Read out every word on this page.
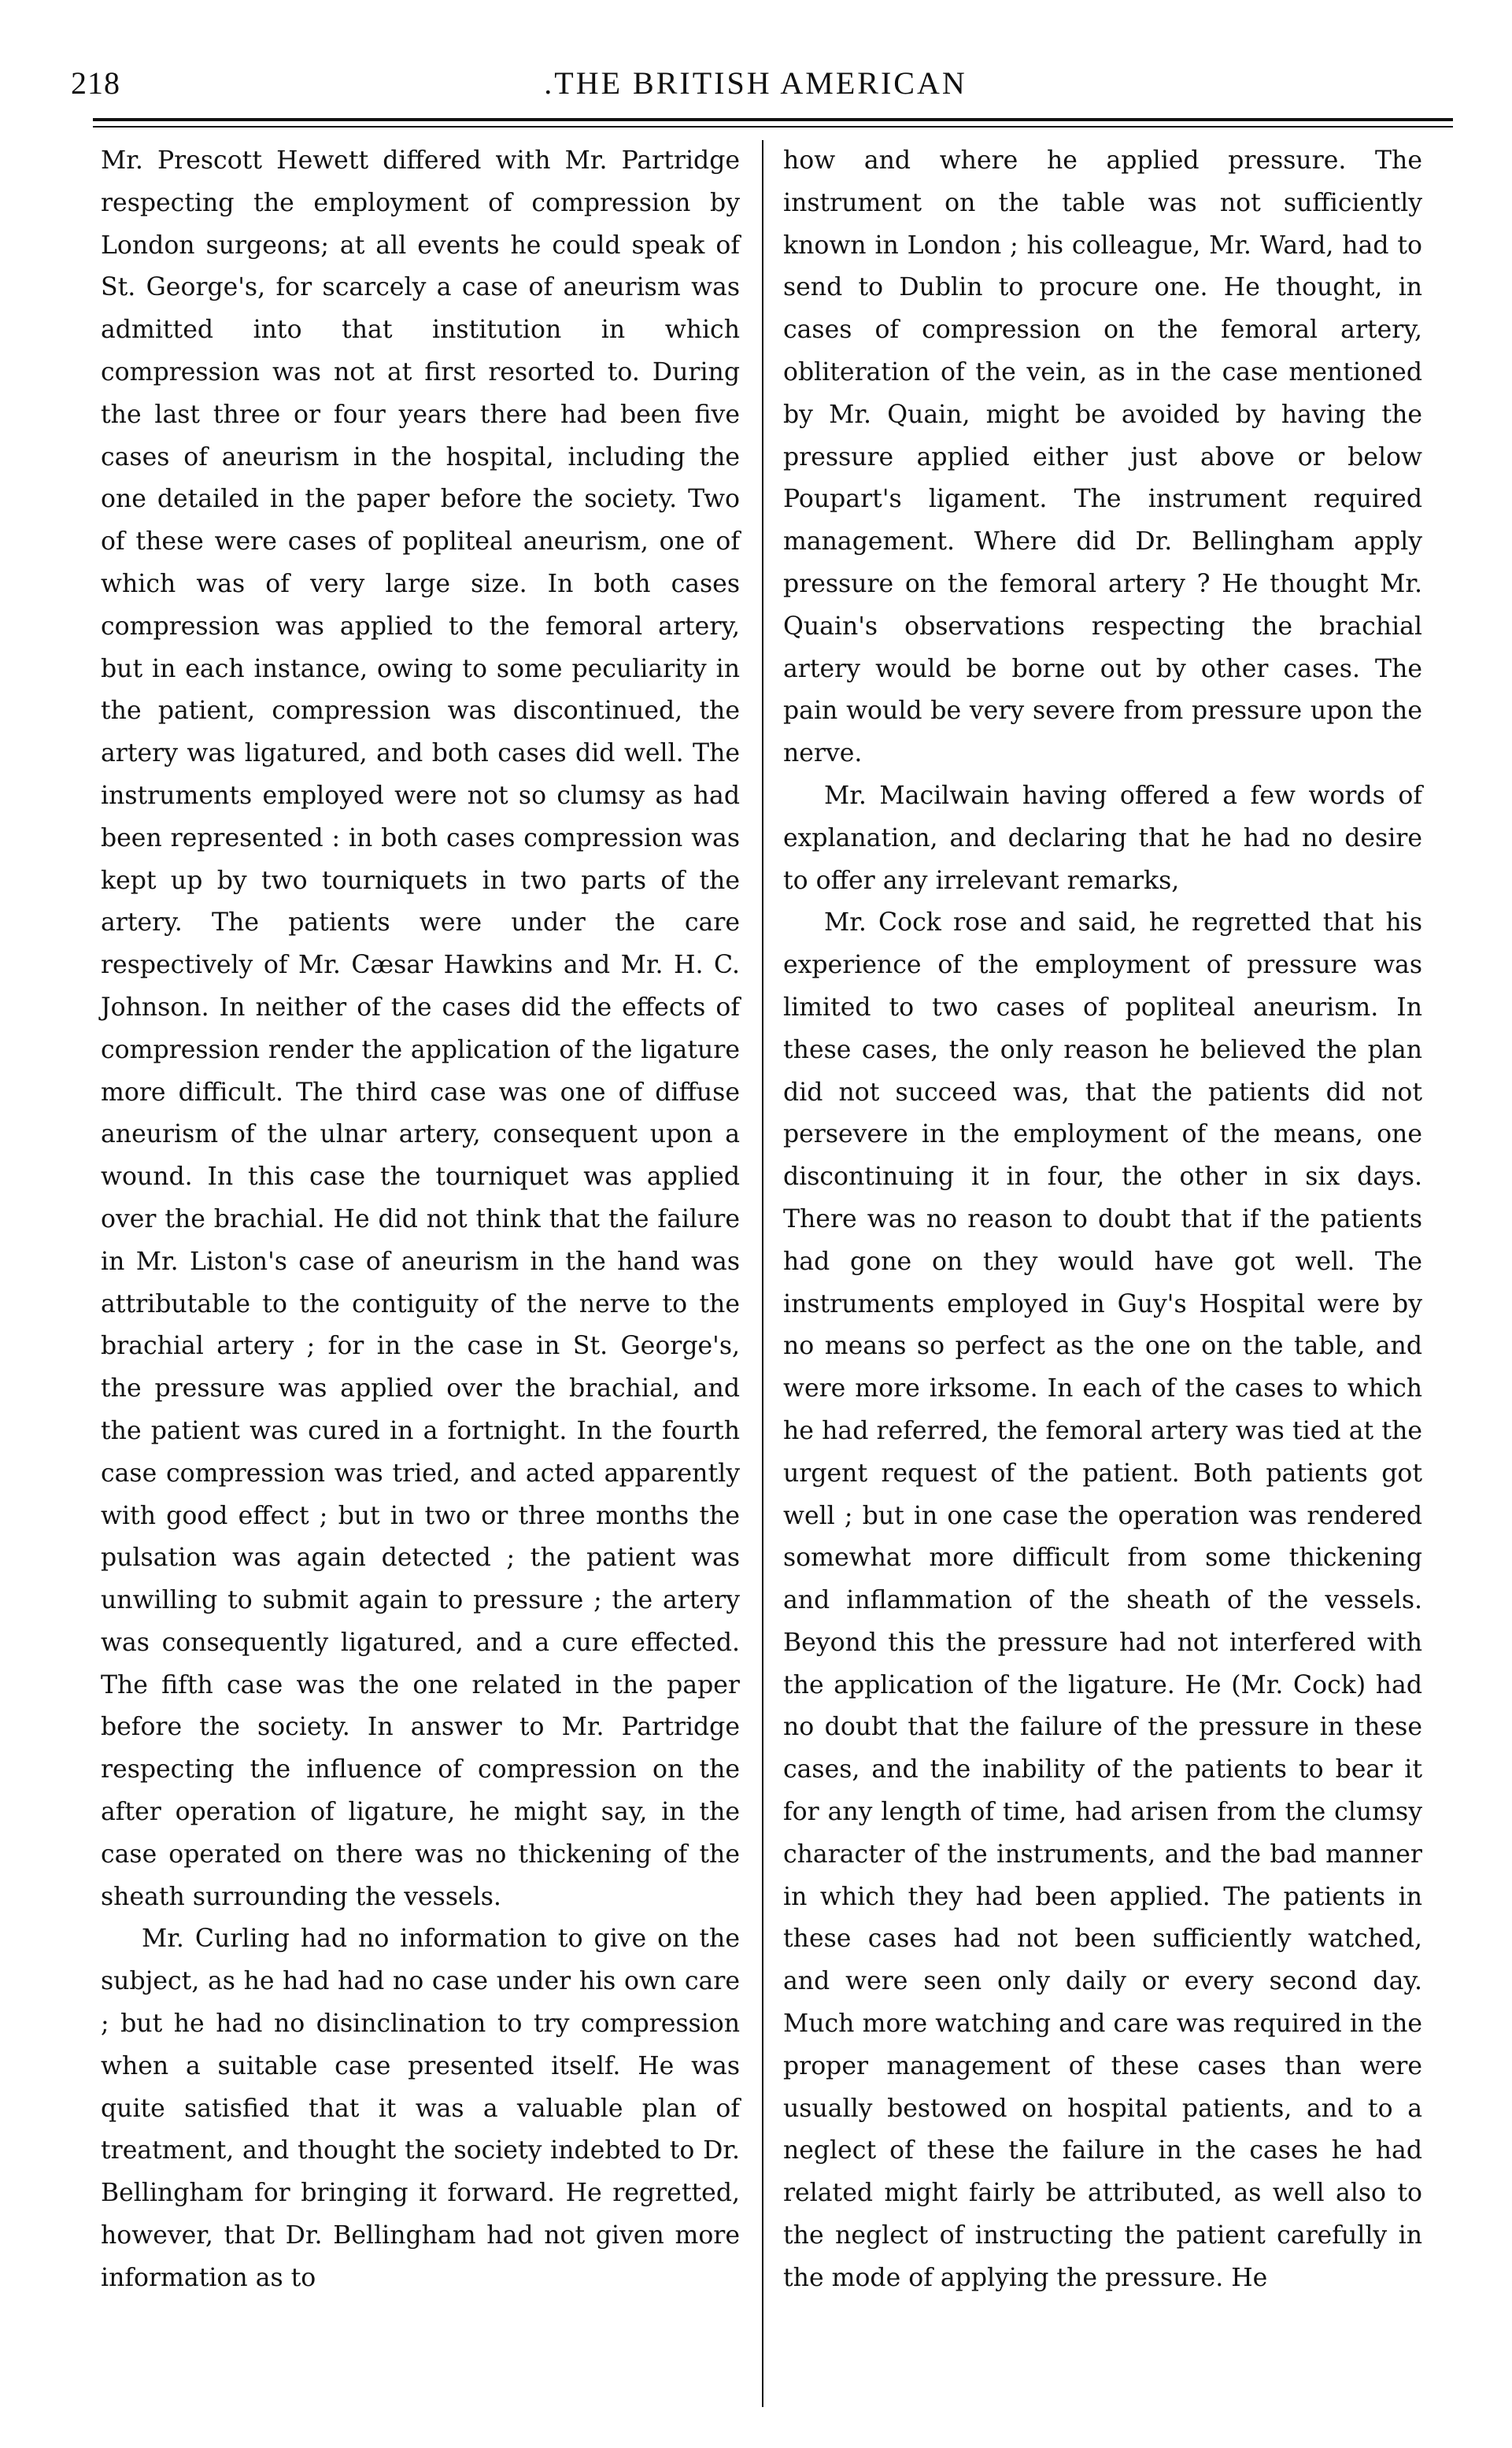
218	.THE BRITISH AMERICAN

Mr. Prescott Hewett differed with Mr. Partridge respecting the employment of compression by London surgeons; at all events he could speak of St. George's, for scarcely a case of aneurism was admitted into that institution in which compression was not at first resorted to. During the last three or four years there had been five cases of aneurism in the hospital, including the one detailed in the paper before the society. Two of these were cases of popliteal aneurism, one of which was of very large size. In both cases compression was applied to the femoral artery, but in each instance, owing to some peculiarity in the patient, compression was discontinued, the artery was ligatured, and both cases did well. The instruments employed were not so clumsy as had been represented : in both cases compression was kept up by two tourniquets in two parts of the artery. The patients were under the care respectively of Mr. Cæsar Hawkins and Mr. H. C. Johnson. In neither of the cases did the effects of compression render the application of the ligature more difficult. The third case was one of diffuse aneurism of the ulnar artery, consequent upon a wound. In this case the tourniquet was applied over the brachial. He did not think that the failure in Mr. Liston's case of aneurism in the hand was attributable to the contiguity of the nerve to the brachial artery ; for in the case in St. George's, the pressure was applied over the brachial, and the patient was cured in a fortnight. In the fourth case compression was tried, and acted apparently with good effect ; but in two or three months the pulsation was again detected ; the patient was unwilling to submit again to pressure ; the artery was consequently ligatured, and a cure effected. The fifth case was the one related in the paper before the society. In answer to Mr. Partridge respecting the influence of compression on the after operation of ligature, he might say, in the case operated on there was no thickening of the sheath surrounding the vessels.

Mr. Curling had no information to give on the subject, as he had had no case under his own care ; but he had no disinclination to try compression when a suitable case presented itself. He was quite satisfied that it was a valuable plan of treatment, and thought the society indebted to Dr. Bellingham for bringing it forward. He regretted, however, that Dr. Bellingham had not given more information as to

how and where he applied pressure. The instrument on the table was not sufficiently known in London ; his colleague, Mr. Ward, had to send to Dublin to procure one. He thought, in cases of compression on the femoral artery, obliteration of the vein, as in the case mentioned by Mr. Quain, might be avoided by having the pressure applied either just above or below Poupart's ligament. The instrument required management. Where did Dr. Bellingham apply pressure on the femoral artery ? He thought Mr. Quain's observations respecting the brachial artery would be borne out by other cases. The pain would be very severe from pressure upon the nerve.

Mr. Macilwain having offered a few words of explanation, and declaring that he had no desire to offer any irrelevant remarks,

Mr. Cock rose and said, he regretted that his experience of the employment of pressure was limited to two cases of popliteal aneurism. In these cases, the only reason he believed the plan did not succeed was, that the patients did not persevere in the employment of the means, one discontinuing it in four, the other in six days. There was no reason to doubt that if the patients had gone on they would have got well. The instruments employed in Guy's Hospital were by no means so perfect as the one on the table, and were more irksome. In each of the cases to which he had referred, the femoral artery was tied at the urgent request of the patient. Both patients got well ; but in one case the operation was rendered somewhat more difficult from some thickening and inflammation of the sheath of the vessels. Beyond this the pressure had not interfered with the application of the ligature. He (Mr. Cock) had no doubt that the failure of the pressure in these cases, and the inability of the patients to bear it for any length of time, had arisen from the clumsy character of the instruments, and the bad manner in which they had been applied. The patients in these cases had not been sufficiently watched, and were seen only daily or every second day. Much more watching and care was required in the proper management of these cases than were usually bestowed on hospital patients, and to a neglect of these the failure in the cases he had related might fairly be attributed, as well also to the neglect of instructing the patient carefully in the mode of applying the pressure. He
